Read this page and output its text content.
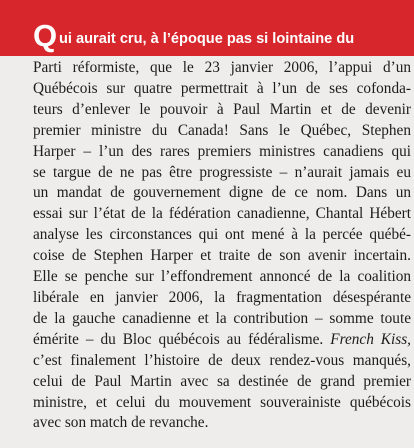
Q ui aurait cru, à l’époque pas si lointaine du
Parti réformiste, que le 23 janvier 2006, l’appui d’un
Québécois sur quatre permettrait à l’un de ses cofonda-
teurs d’enlever le pouvoir à Paul Martin et de devenir
premier ministre du Canada! Sans le Québec, Stephen
Harper – l’un des rares premiers ministres canadiens qui
se targue de ne pas être progressiste – n’aurait jamais eu
un mandat de gouvernement digne de ce nom. Dans un
essai sur l’état de la fédération canadienne, Chantal Hébert
analyse les circonstances qui ont mené à la percée québé-
coise de Stephen Harper et traite de son avenir incertain.
Elle se penche sur l’effondrement annoncé de la coalition
libérale en janvier 2006, la fragmentation désespérante
de la gauche canadienne et la contribution – somme toute
émérite – du Bloc québécois au fédéralisme. French Kiss,
c’est finalement l’histoire de deux rendez-vous manqués,
celui de Paul Martin avec sa destinée de grand premier
ministre, et celui du mouvement souverainiste québécois
avec son match de revanche.
